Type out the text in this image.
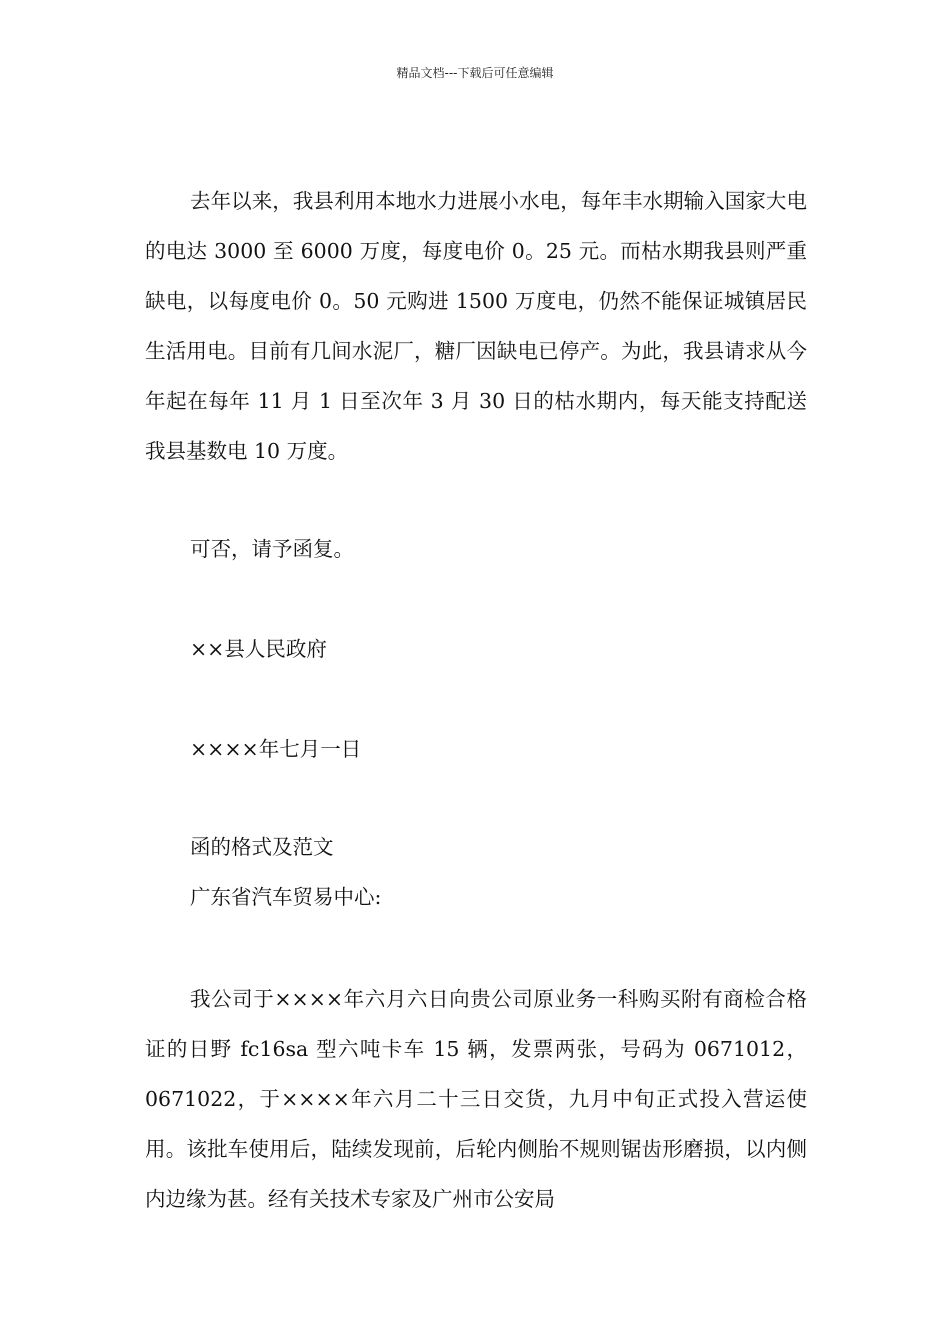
精品文档---下载后可任意编辑

去年以来，我县利用本地水力进展小水电，每年丰水期输入国家大电的电达 3000 至 6000 万度，每度电价 0。25 元。而枯水期我县则严重缺电，以每度电价 0。50 元购进 1500 万度电，仍然不能保证城镇居民生活用电。目前有几间水泥厂，糖厂因缺电已停产。为此，我县请求从今年起在每年 11 月 1 日至次年 3 月 30 日的枯水期内，每天能支持配送我县基数电 10 万度。

可否，请予函复。

××县人民政府

××××年七月一日

函的格式及范文

广东省汽车贸易中心:

我公司于××××年六月六日向贵公司原业务一科购买附有商检合格证的日野 fc16sa 型六吨卡车 15 辆，发票两张，号码为 0671012，0671022，于××××年六月二十三日交货，九月中旬正式投入营运使用。该批车使用后，陆续发现前，后轮内侧胎不规则锯齿形磨损，以内侧内边缘为甚。经有关技术专家及广州市公安局
